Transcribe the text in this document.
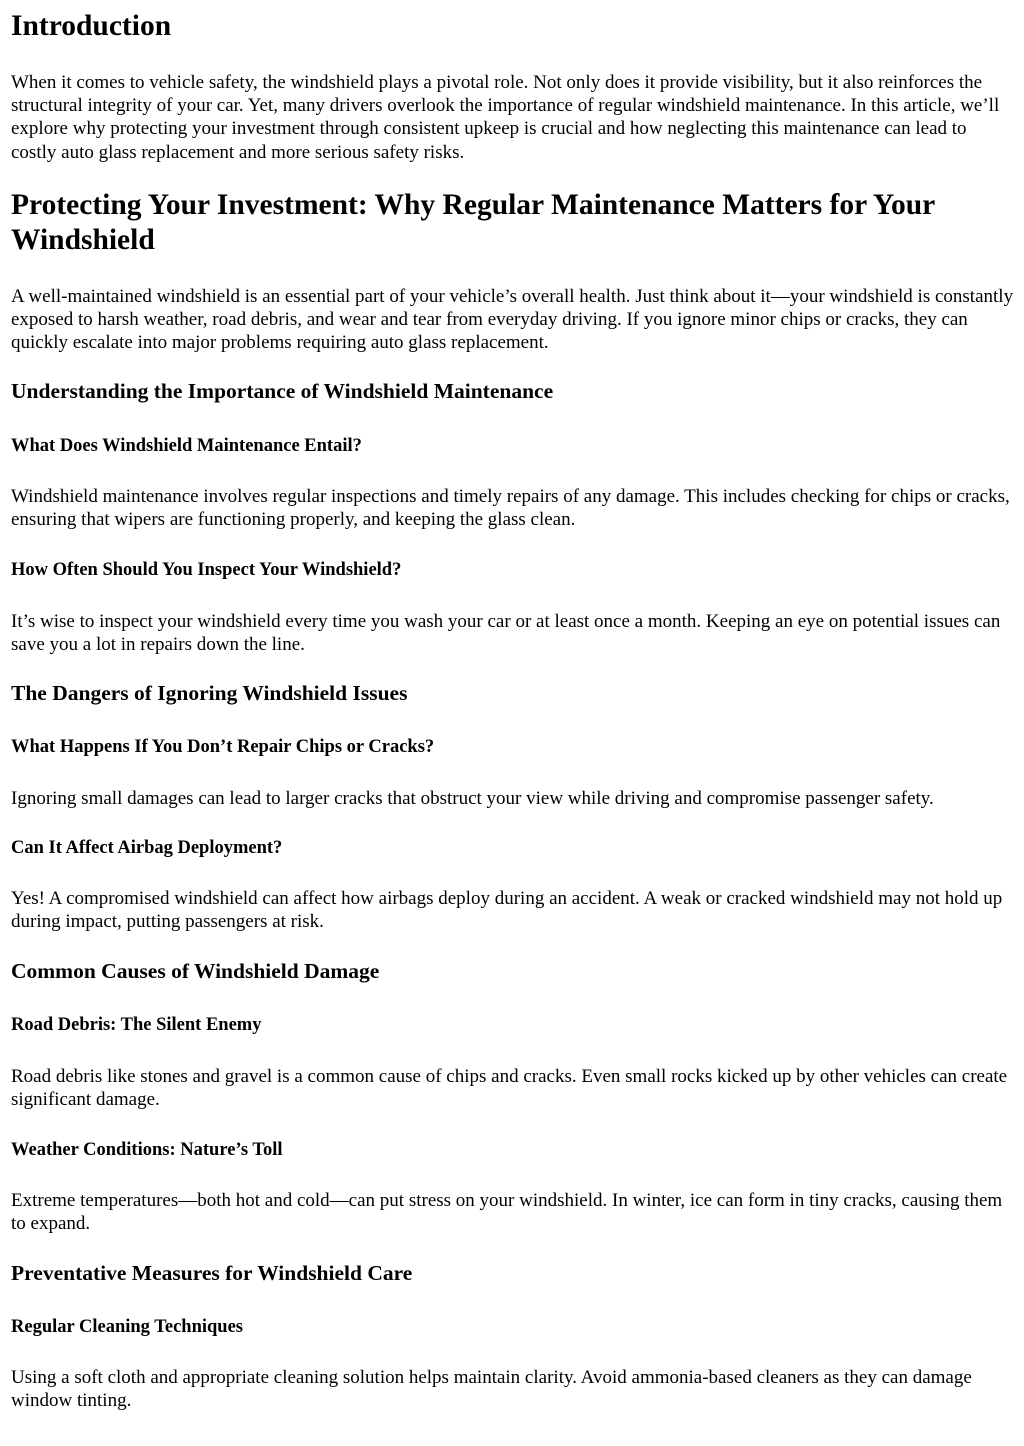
Introduction

When it comes to vehicle safety, the windshield plays a pivotal role. Not only does it provide visibility, but it also reinforces the structural integrity of your car. Yet, many drivers overlook the importance of regular windshield maintenance. In this article, we’ll explore why protecting your investment through consistent upkeep is crucial and how neglecting this maintenance can lead to costly auto glass replacement and more serious safety risks.

Protecting Your Investment: Why Regular Maintenance Matters for Your Windshield

A well-maintained windshield is an essential part of your vehicle’s overall health. Just think about it—your windshield is constantly exposed to harsh weather, road debris, and wear and tear from everyday driving. If you ignore minor chips or cracks, they can quickly escalate into major problems requiring auto glass replacement.

Understanding the Importance of Windshield Maintenance
What Does Windshield Maintenance Entail?

Windshield maintenance involves regular inspections and timely repairs of any damage. This includes checking for chips or cracks, ensuring that wipers are functioning properly, and keeping the glass clean.

How Often Should You Inspect Your Windshield?

It’s wise to inspect your windshield every time you wash your car or at least once a month. Keeping an eye on potential issues can save you a lot in repairs down the line.

The Dangers of Ignoring Windshield Issues
What Happens If You Don’t Repair Chips or Cracks?

Ignoring small damages can lead to larger cracks that obstruct your view while driving and compromise passenger safety.

Can It Affect Airbag Deployment?

Yes! A compromised windshield can affect how airbags deploy during an accident. A weak or cracked windshield may not hold up during impact, putting passengers at risk.

Common Causes of Windshield Damage
Road Debris: The Silent Enemy

Road debris like stones and gravel is a common cause of chips and cracks. Even small rocks kicked up by other vehicles can create significant damage.

Weather Conditions: Nature’s Toll

Extreme temperatures—both hot and cold—can put stress on your windshield. In winter, ice can form in tiny cracks, causing them to expand.

Preventative Measures for Windshield Care
Regular Cleaning Techniques

Using a soft cloth and appropriate cleaning solution helps maintain clarity. Avoid ammonia-based cleaners as they can damage window tinting.
